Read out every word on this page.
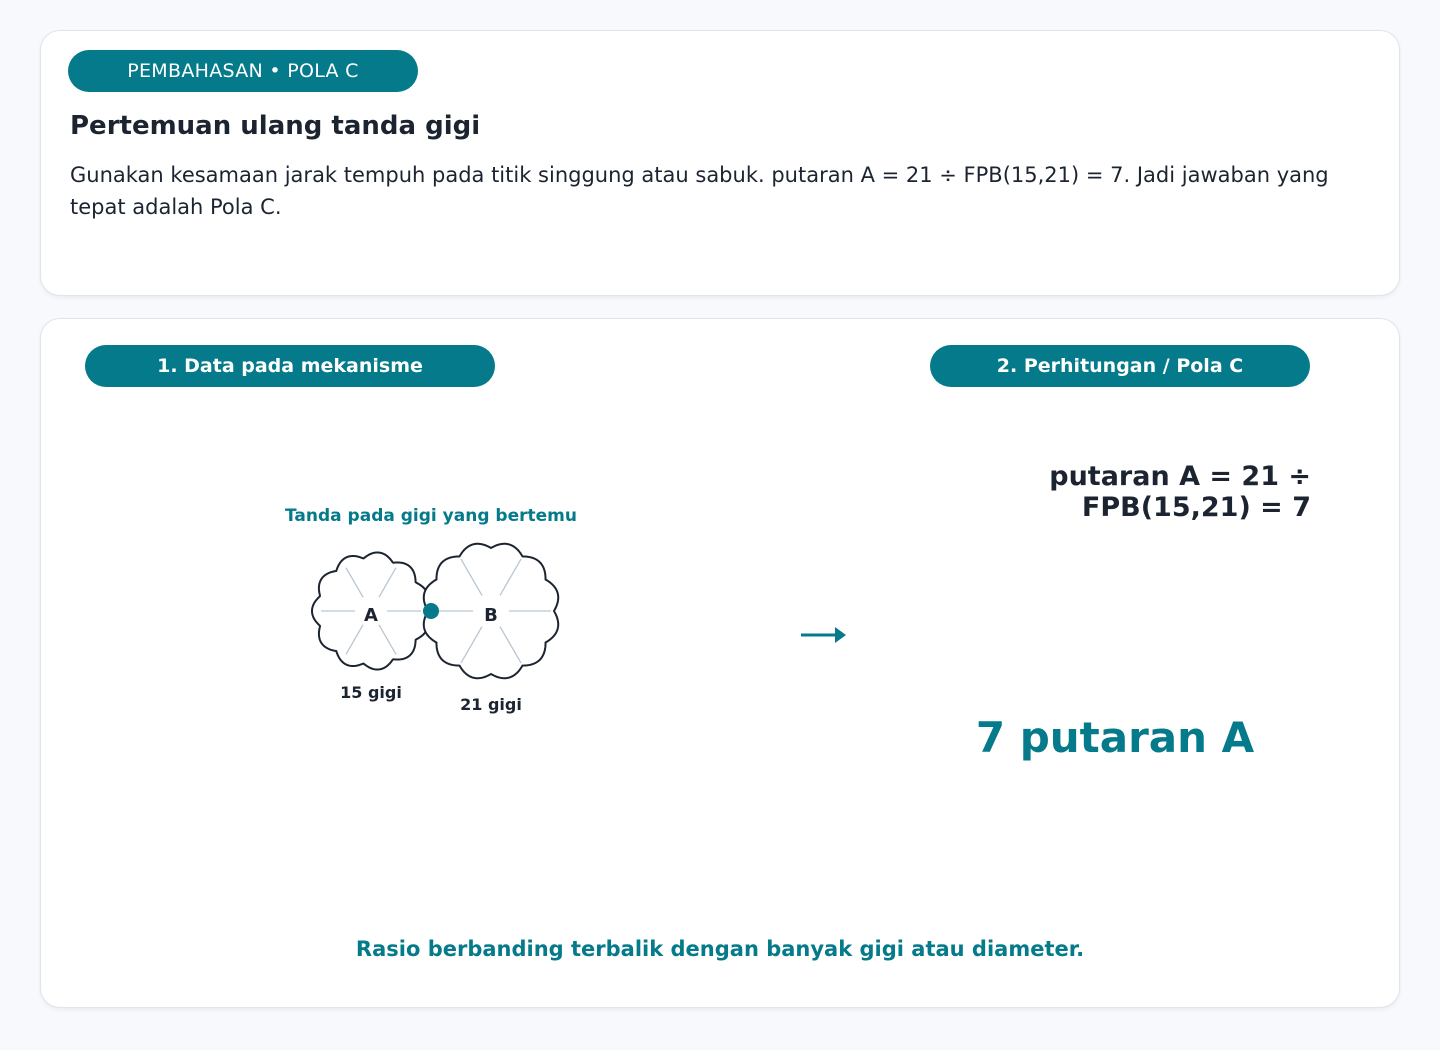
PEMBAHASAN • POLA C
Pertemuan ulang tanda gigi

Gunakan kesamaan jarak tempuh pada titik singgung atau sabuk. putaran A = 21 ÷ FPB(15,21) = 7. Jadi jawaban yang tepat adalah Pola C.

1. Data pada mekanisme	2. Perhitungan / Pola C
Tanda pada gigi yang bertemu
A	B
15 gigi
21 gigi
putaran A = 21 ÷ FPB(15,21) = 7
7 putaran A
Rasio berbanding terbalik dengan banyak gigi atau diameter.
